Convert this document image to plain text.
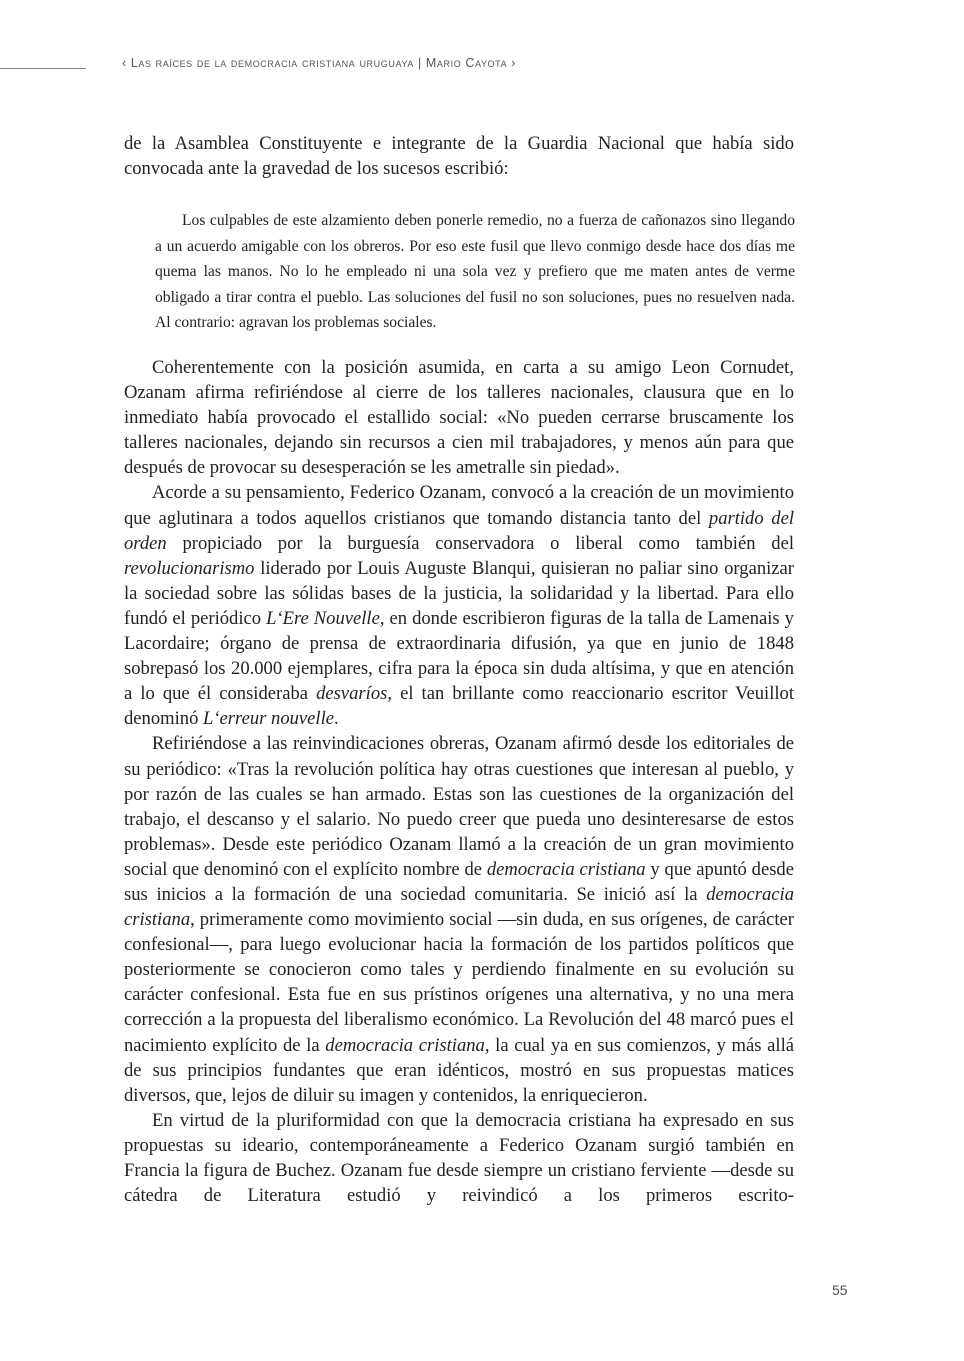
‹ Las raíces de la democracia cristiana uruguaya | Mario Cayota ›

de la Asamblea Constituyente e integrante de la Guardia Nacional que había sido convocada ante la gravedad de los sucesos escribió:

Los culpables de este alzamiento deben ponerle remedio, no a fuerza de cañonazos sino llegando a un acuerdo amigable con los obreros. Por eso este fusil que llevo conmigo desde hace dos días me quema las manos. No lo he empleado ni una sola vez y prefiero que me maten antes de verme obligado a tirar contra el pueblo. Las soluciones del fusil no son soluciones, pues no resuelven nada. Al contrario: agravan los problemas sociales.

Coherentemente con la posición asumida, en carta a su amigo Leon Cornudet, Ozanam afirma refiriéndose al cierre de los talleres nacionales, clausura que en lo inmediato había provocado el estallido social: «No pueden cerrarse bruscamente los talleres nacionales, dejando sin recursos a cien mil trabajadores, y menos aún para que después de provocar su desesperación se les ametralle sin piedad».

Acorde a su pensamiento, Federico Ozanam, convocó a la creación de un movimiento que aglutinara a todos aquellos cristianos que tomando distancia tanto del partido del orden propiciado por la burguesía conservadora o liberal como también del revolucionarismo liderado por Louis Auguste Blanqui, quisieran no paliar sino organizar la sociedad sobre las sólidas bases de la justicia, la solidaridad y la libertad. Para ello fundó el periódico L‘Ere Nouvelle, en donde escribieron figuras de la talla de Lamenais y Lacordaire; órgano de prensa de extraordinaria difusión, ya que en junio de 1848 sobrepasó los 20.000 ejemplares, cifra para la época sin duda altísima, y que en atención a lo que él consideraba desvaríos, el tan brillante como reaccionario escritor Veuillot denominó L‘erreur nouvelle.

Refiriéndose a las reinvindicaciones obreras, Ozanam afirmó desde los editoriales de su periódico: «Tras la revolución política hay otras cuestiones que interesan al pueblo, y por razón de las cuales se han armado. Estas son las cuestiones de la organización del trabajo, el descanso y el salario. No puedo creer que pueda uno desinteresarse de estos problemas». Desde este periódico Ozanam llamó a la creación de un gran movimiento social que denominó con el explícito nombre de democracia cristiana y que apuntó desde sus inicios a la formación de una sociedad comunitaria. Se inició así la democracia cristiana, primeramente como movimiento social —sin duda, en sus orígenes, de carácter confesional—, para luego evolucionar hacia la formación de los partidos políticos que posteriormente se conocieron como tales y perdiendo finalmente en su evolución su carácter confesional. Esta fue en sus prístinos orígenes una alternativa, y no una mera corrección a la propuesta del liberalismo económico. La Revolución del 48 marcó pues el nacimiento explícito de la democracia cristiana, la cual ya en sus comienzos, y más allá de sus principios fundantes que eran idénticos, mostró en sus propuestas matices diversos, que, lejos de diluir su imagen y contenidos, la enriquecieron.

En virtud de la pluriformidad con que la democracia cristiana ha expresado en sus propuestas su ideario, contemporáneamente a Federico Ozanam surgió también en Francia la figura de Buchez. Ozanam fue desde siempre un cristiano ferviente —desde su cátedra de Literatura estudió y reivindicó a los primeros escrito-

55
